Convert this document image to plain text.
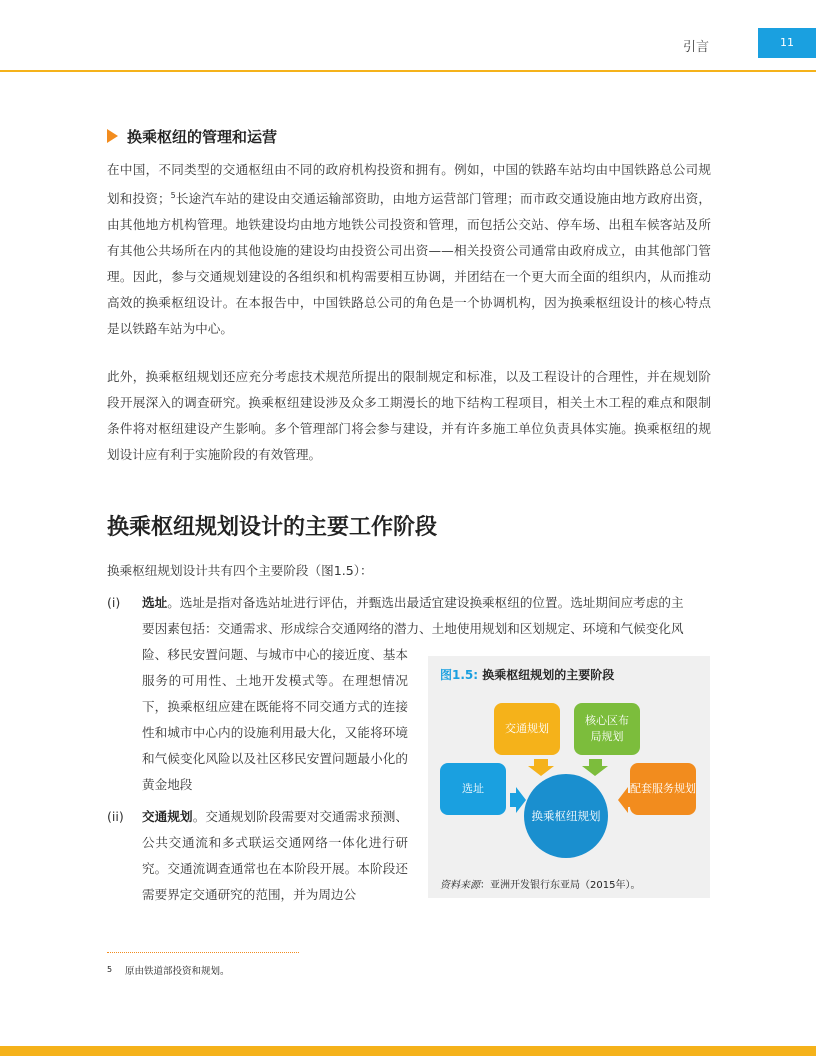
引言	11
换乘枢纽的管理和运营

在中国，不同类型的交通枢纽由不同的政府机构投资和拥有。例如，中国的铁路车站均由中国铁路总公司规划和投资；$^5$长途汽车站的建设由交通运输部资助，由地方运营部门管理；而市政交通设施由地方政府出资，由其他地方机构管理。地铁建设均由地方地铁公司投资和管理，而包括公交站、停车场、出租车候客站及所有其他公共场所在内的其他设施的建设均由投资公司出资——相关投资公司通常由政府成立，由其他部门管理。因此，参与交通规划建设的各组织和机构需要相互协调，并团结在一个更大而全面的组织内，从而推动高效的换乘枢纽设计。在本报告中，中国铁路总公司的角色是一个协调机构，因为换乘枢纽设计的核心特点是以铁路车站为中心。

此外，换乘枢纽规划还应充分考虑技术规范所提出的限制规定和标准，以及工程设计的合理性，并在规划阶段开展深入的调查研究。换乘枢纽建设涉及众多工期漫长的地下结构工程项目，相关土木工程的难点和限制条件将对枢纽建设产生影响。多个管理部门将会参与建设，并有许多施工单位负责具体实施。换乘枢纽的规划设计应有利于实施阶段的有效管理。

换乘枢纽规划设计的主要工作阶段
换乘枢纽规划设计共有四个主要阶段（图1.5）：
(i) 选址。选址是指对备选站址进行评估，并甄选出最适宜建设换乘枢纽的位置。选址期间应考虑的主

要因素包括：交通需求、形成综合交通网络的潜力、土地使用规划和区划规定、环境和气候变化风

险、移民安置问题、与城市中心的接近度、基本服务的可用性、土地开发模式等。在理想情况下，换乘枢纽应建在既能将不同交通方式的连接性和城市中心内的设施利用最大化，又能将环境和气候变化风险以及社区移民安置问题最小化的黄金地段

(ii) 交通规划。交通规划阶段需要对交通需求预测、公共交通流和多式联运交通网络一体化进行研究。交通流调查通常也在本阶段开展。本阶段还需要界定交通研究的范围，并为周边公

图1.5: 换乘枢纽规划的主要阶段
交通规划
核心区布
局规划
选址	配套服务规划
换乘枢纽规划
资料来源：亚洲开发银行东亚局（2015年）。
5 原由铁道部投资和规划。
